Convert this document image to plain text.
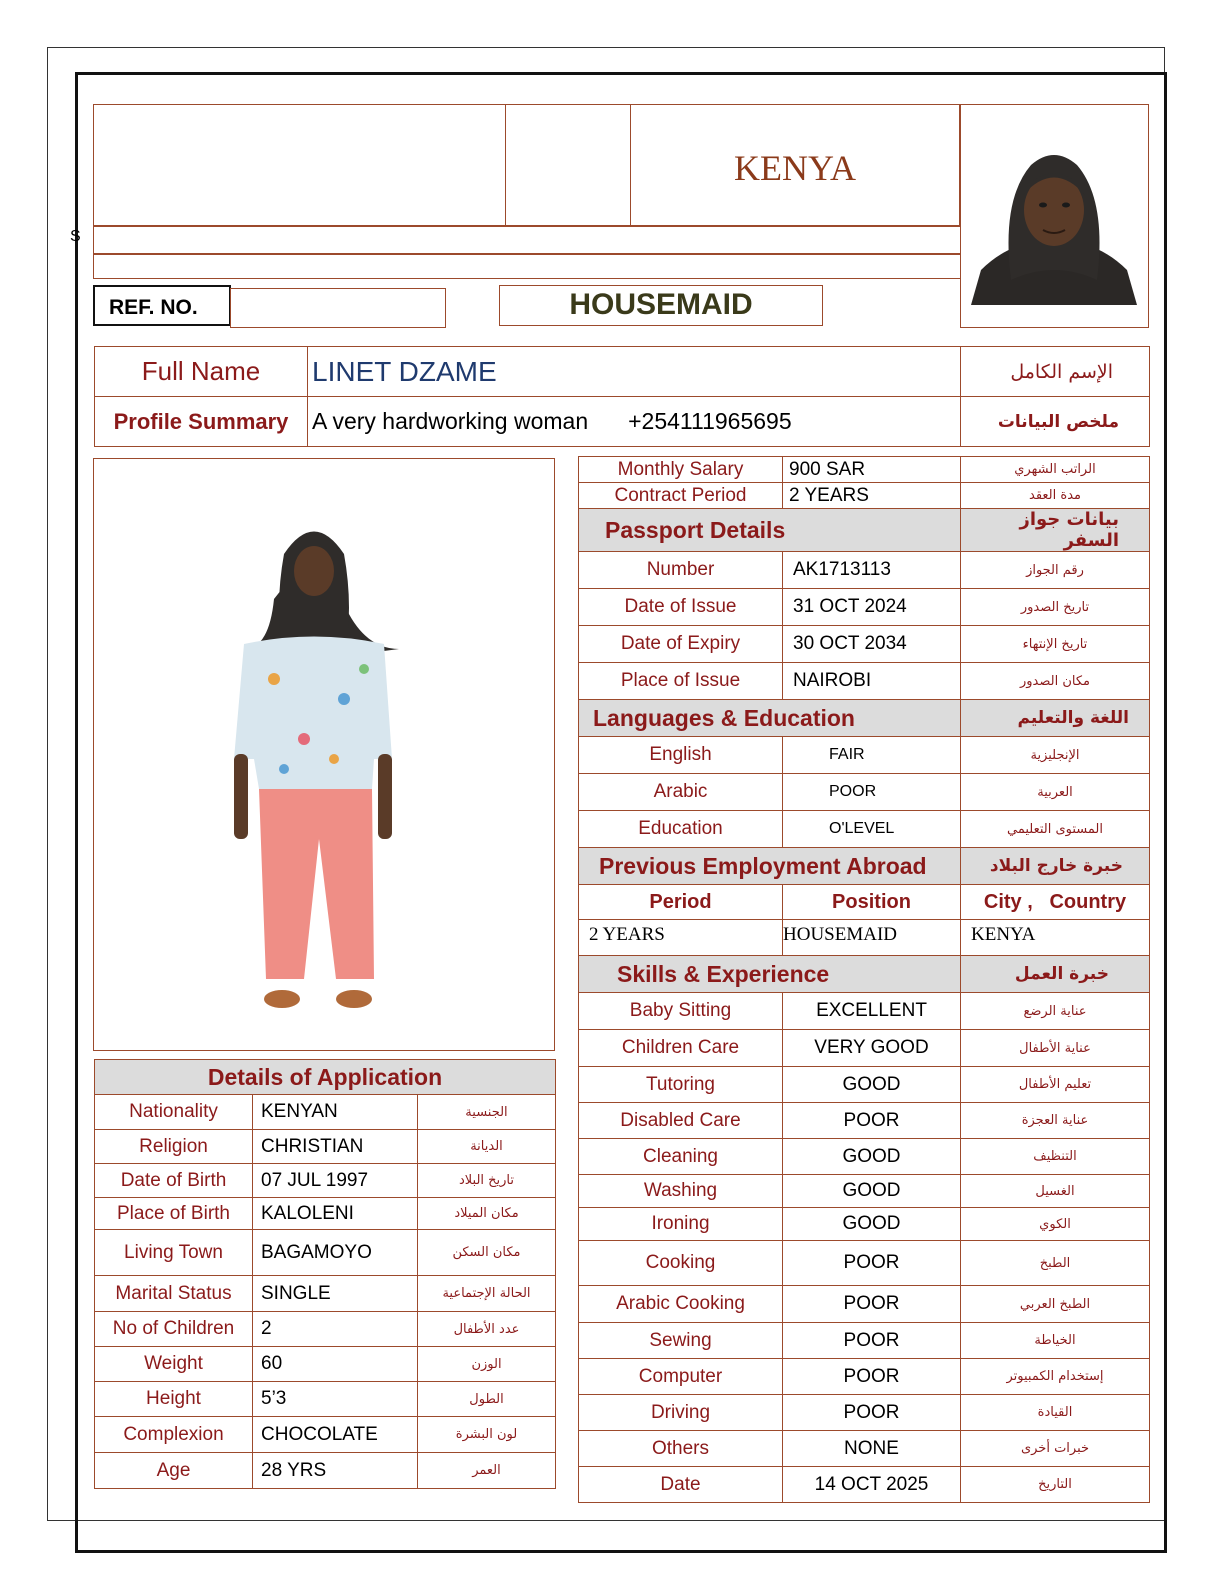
S
KENYA
REF. NO.	HOUSEMAID
Full Name	LINET DZAME	الإسم الكامل
Profile Summary	A very hardworking woman +254111965695	ملخص البيانات
Details of Application		
Nationality	KENYAN	الجنسية
Religion	CHRISTIAN	الديانة
Date of Birth	07 JUL 1997	تاريخ البلاد
Place of Birth	KALOLENI	مكان الميلاد
Living Town	BAGAMOYO	مكان السكن
Marital Status	SINGLE	الحالة الإجتماعية
No of Children	2	عدد الأطفال
Weight	60	الوزن
Height	5’3	الطول
Complexion	CHOCOLATE	لون البشرة
Age	28 YRS	العمر
Monthly Salary	900 SAR	الراتب الشهري
Contract Period	2 YEARS	مدة العقد
Passport Details		بيانات جواز السفر
Number	AK1713113	رقم الجواز
Date of Issue	31 OCT 2024	تاريخ الصدور
Date of Expiry	30 OCT 2034	تاريخ الإنتهاء
Place of Issue	NAIROBI	مكان الصدور
Languages & Education		اللغة والتعليم
English	FAIR	الإنجليزية
Arabic	POOR	العربية
Education	O'LEVEL	المستوى التعليمي
Previous Employment Abroad		خبرة خارج البلاد
Period	Position	City , Country
2 YEARS	HOUSEMAID	KENYA
Skills & Experience		خبرة العمل
Baby Sitting	EXCELLENT	عناية الرضع
Children Care	VERY GOOD	عناية الأطفال
Tutoring	GOOD	تعليم الأطفال
Disabled Care	POOR	عناية العجزة
Cleaning	GOOD	التنظيف
Washing	GOOD	الغسيل
Ironing	GOOD	الكوي
Cooking	POOR	الطبخ
Arabic Cooking	POOR	الطبخ العربي
Sewing	POOR	الخياطة
Computer	POOR	إستخدام الكمبيوتر
Driving	POOR	القيادة
Others	NONE	خبرات أخرى
Date	14 OCT 2025	التاريخ
